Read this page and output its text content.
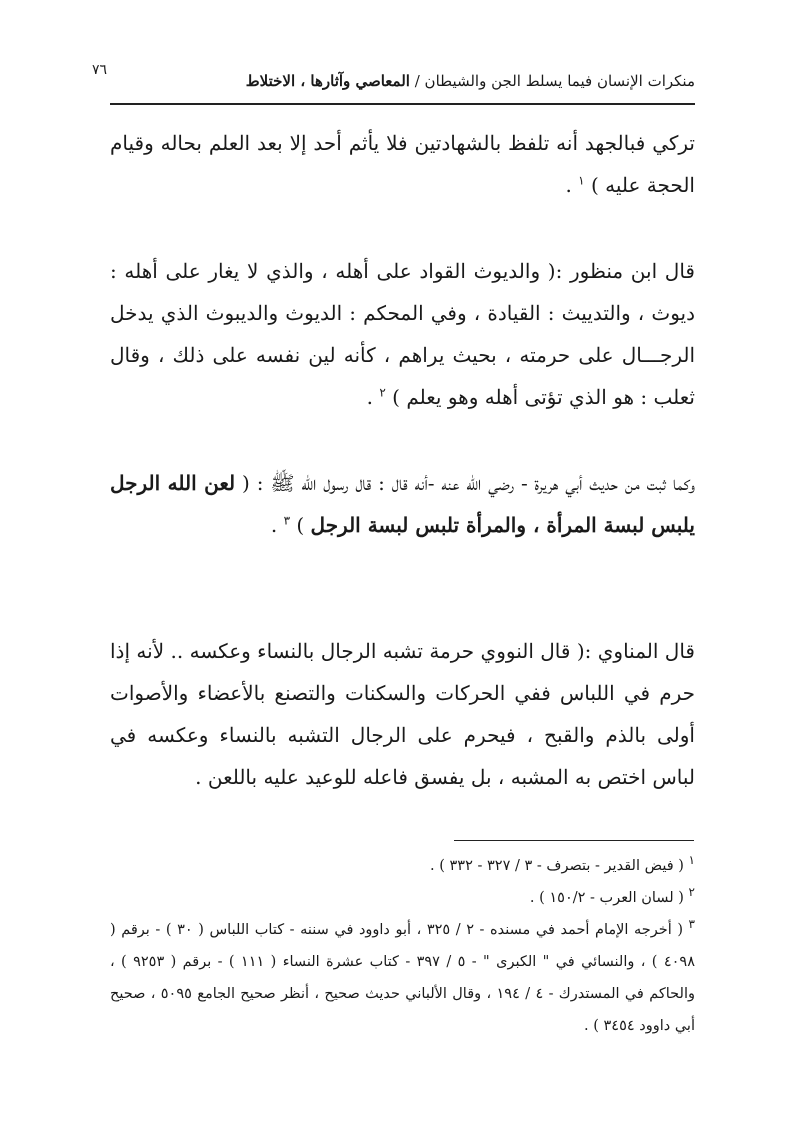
٧٦
منكرات الإنسان فيما يسلط الجن والشيطان / المعاصي وآثارها ، الاختلاط

تركي فبالجهد أنه تلفظ بالشهادتين فلا يأثم أحد إلا بعد العلم بحاله وقيام الحجة عليه ) $^١$ .

قال ابن منظور :( والديوث القواد على أهله ، والذي لا يغار على أهله : ديوث ، والتدييث : القيادة ، وفي المحكم : الديوث والديبوث الذي يدخل الرجـــال على حرمته ، بحيث يراهم ، كأنه لين نفسه على ذلك ، وقال ثعلب : هو الذي تؤتى أهله وهو يعلم ) $^٢$ .

وكما ثبت من حديث أبي هريرة - رضي الله عنه -أنه قال : قال رسول الله ﷺ : ( لعن الله الرجل يلبس لبسة المرأة ، والمرأة تلبس لبسة الرجل ) $^٣$ .

قال المناوي :( قال النووي حرمة تشبه الرجال بالنساء وعكسه .. لأنه إذا حرم في اللباس ففي الحركات والسكنات والتصنع بالأعضاء والأصوات أولى بالذم والقبح ، فيحرم على الرجال التشبه بالنساء وعكسه في لباس اختص به المشبه ، بل يفسق فاعله للوعيد عليه باللعن .

$^١$ ( فيض القدير - بتصرف - ٣ / ٣٢٧ - ٣٣٢ ) .

$^٢$ ( لسان العرب - ١٥٠/٢ ) .

$^٣$ ( أخرجه الإمام أحمد في مسنده - ٢ / ٣٢٥ ، أبو داوود في سننه - كتاب اللباس ( ٣٠ ) - برقم ( ٤٠٩٨ ) ، والنسائي في " الكبرى " - ٥ / ٣٩٧ - كتاب عشرة النساء ( ١١١ ) - برقم ( ٩٢٥٣ ) ، والحاكم في المستدرك - ٤ / ١٩٤ ، وقال الألباني حديث صحيح ، أنظر صحيح الجامع ٥٠٩٥ ، صحيح أبي داوود ٣٤٥٤ ) .
